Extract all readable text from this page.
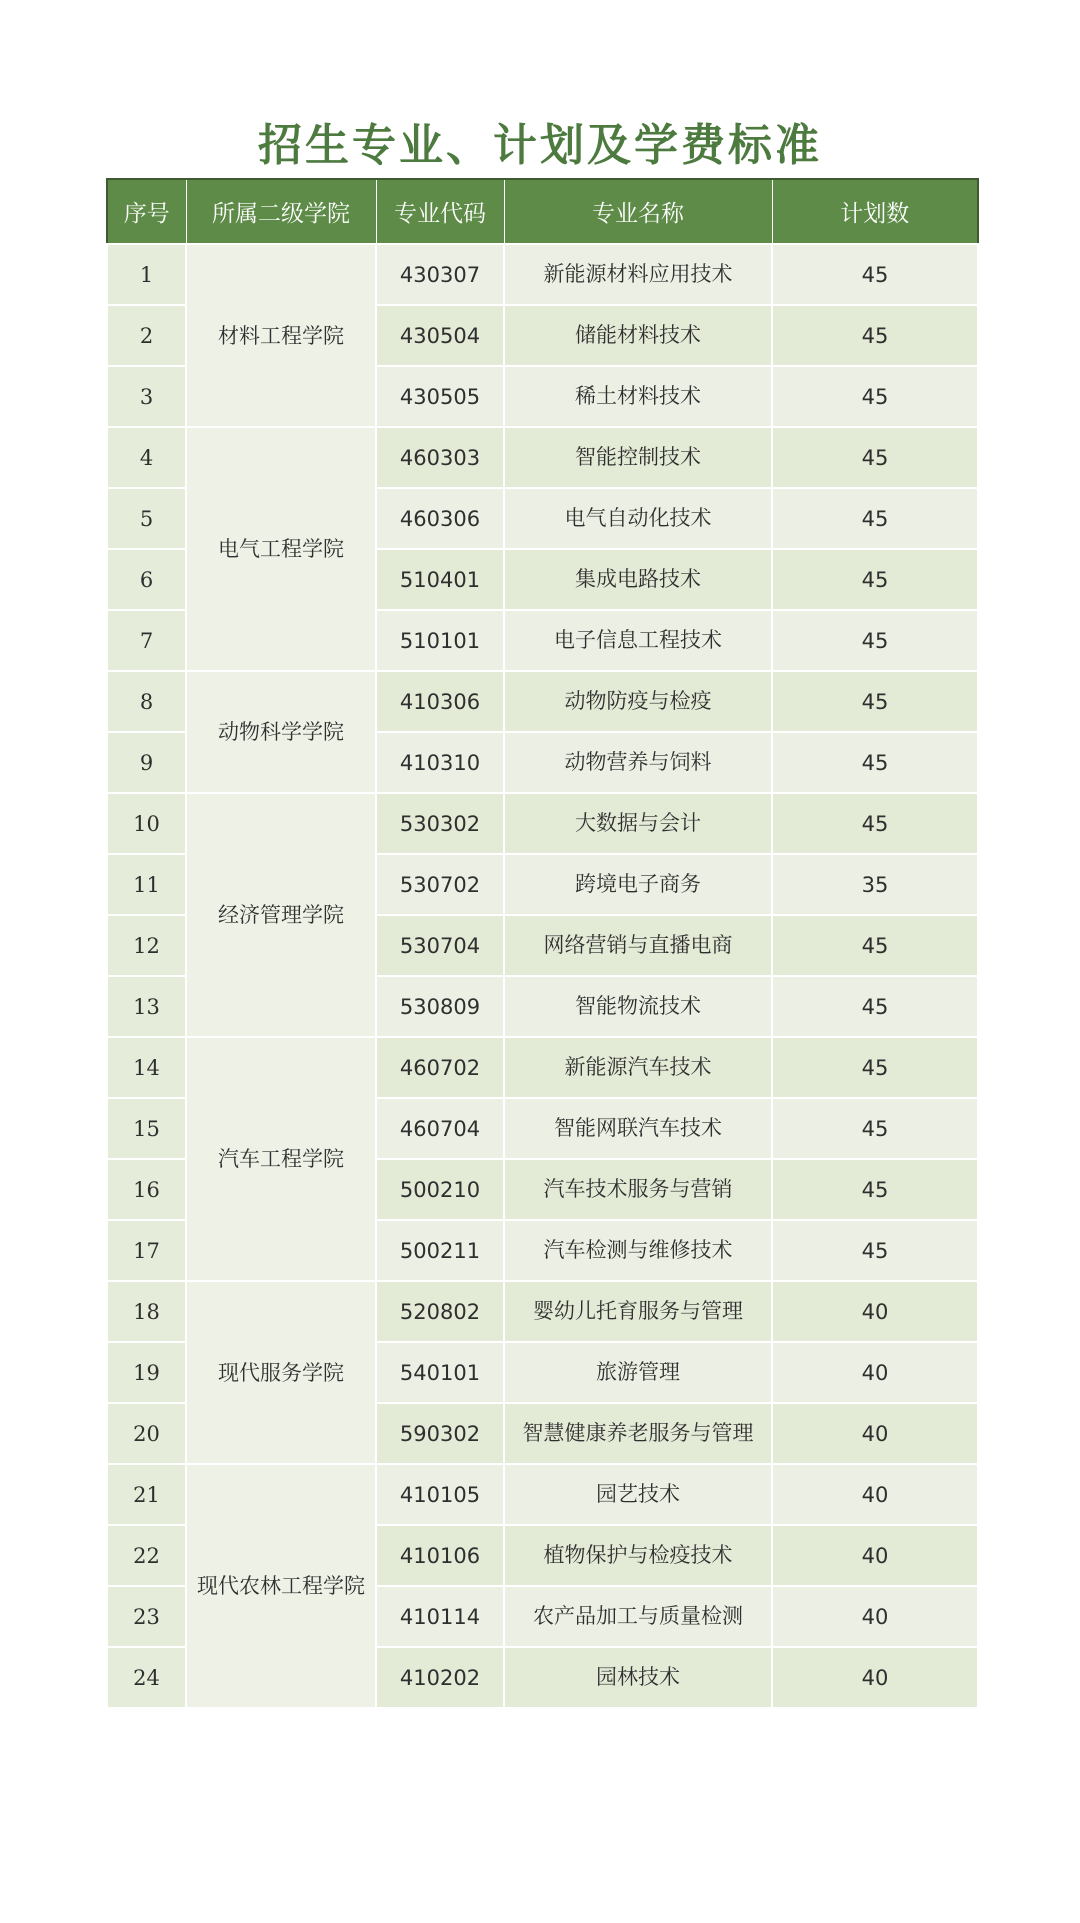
招生专业、计划及学费标准
序号	所属二级学院	专业代码	专业名称	计划数
1	材料工程学院	430307	新能源材料应用技术	45
2		430504	储能材料技术	45
3		430505	稀土材料技术	45
4	电气工程学院	460303	智能控制技术	45
5		460306	电气自动化技术	45
6		510401	集成电路技术	45
7		510101	电子信息工程技术	45
8	动物科学学院	410306	动物防疫与检疫	45
9		410310	动物营养与饲料	45
10	经济管理学院	530302	大数据与会计	45
11		530702	跨境电子商务	35
12		530704	网络营销与直播电商	45
13		530809	智能物流技术	45
14	汽车工程学院	460702	新能源汽车技术	45
15		460704	智能网联汽车技术	45
16		500210	汽车技术服务与营销	45
17		500211	汽车检测与维修技术	45
18	现代服务学院	520802	婴幼儿托育服务与管理	40
19		540101	旅游管理	40
20		590302	智慧健康养老服务与管理	40
21	现代农林工程学院	410105	园艺技术	40
22		410106	植物保护与检疫技术	40
23		410114	农产品加工与质量检测	40
24		410202	园林技术	40
